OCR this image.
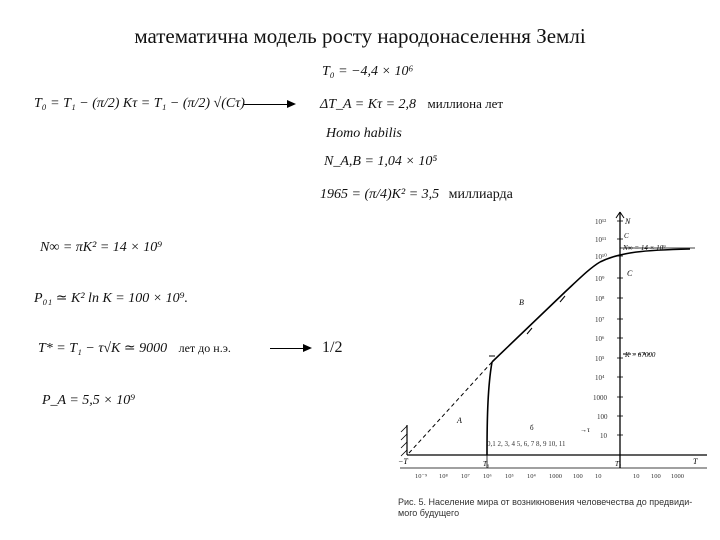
математична модель росту народонаселення Землі
T₀ = T₁ − (π/2) Kτ = T₁ − (π/2) √(Cτ)
N∞ = πK² = 14 × 10⁹
P₀₁ ≃ K² ln K = 100 × 10⁹.
T* = T₁ − τ√K ≃ 9000 лет до н.э.
P_A = 5,5 × 10⁹
T₀ = −4,4 × 10⁶
ΔT_A = Kτ = 2,8 миллиона лет
Homo habilis
N_A,B = 1,04 × 10⁵
1965 = (π/4)K² = 3,5 миллиарда
1/2
10¹²
10¹¹
10¹⁰
10⁹
10⁸
10⁷
10⁶
10⁵
10⁴
1000
100
10
N
−T	T
T₀	T₁
10⁻⁹ 10⁸ 10⁷ 10⁶ 10⁵ 10⁴ 1000 100 10	10 100 1000
0,1 2, 3, 4 5, 6, 7 8, 9 10, 11
N∞ = 14 × 10⁹
K = 67000
б	→τ
C
C
B
A
Рис. 5. Население мира от возникновения человечества до предвиди-мого будущего
